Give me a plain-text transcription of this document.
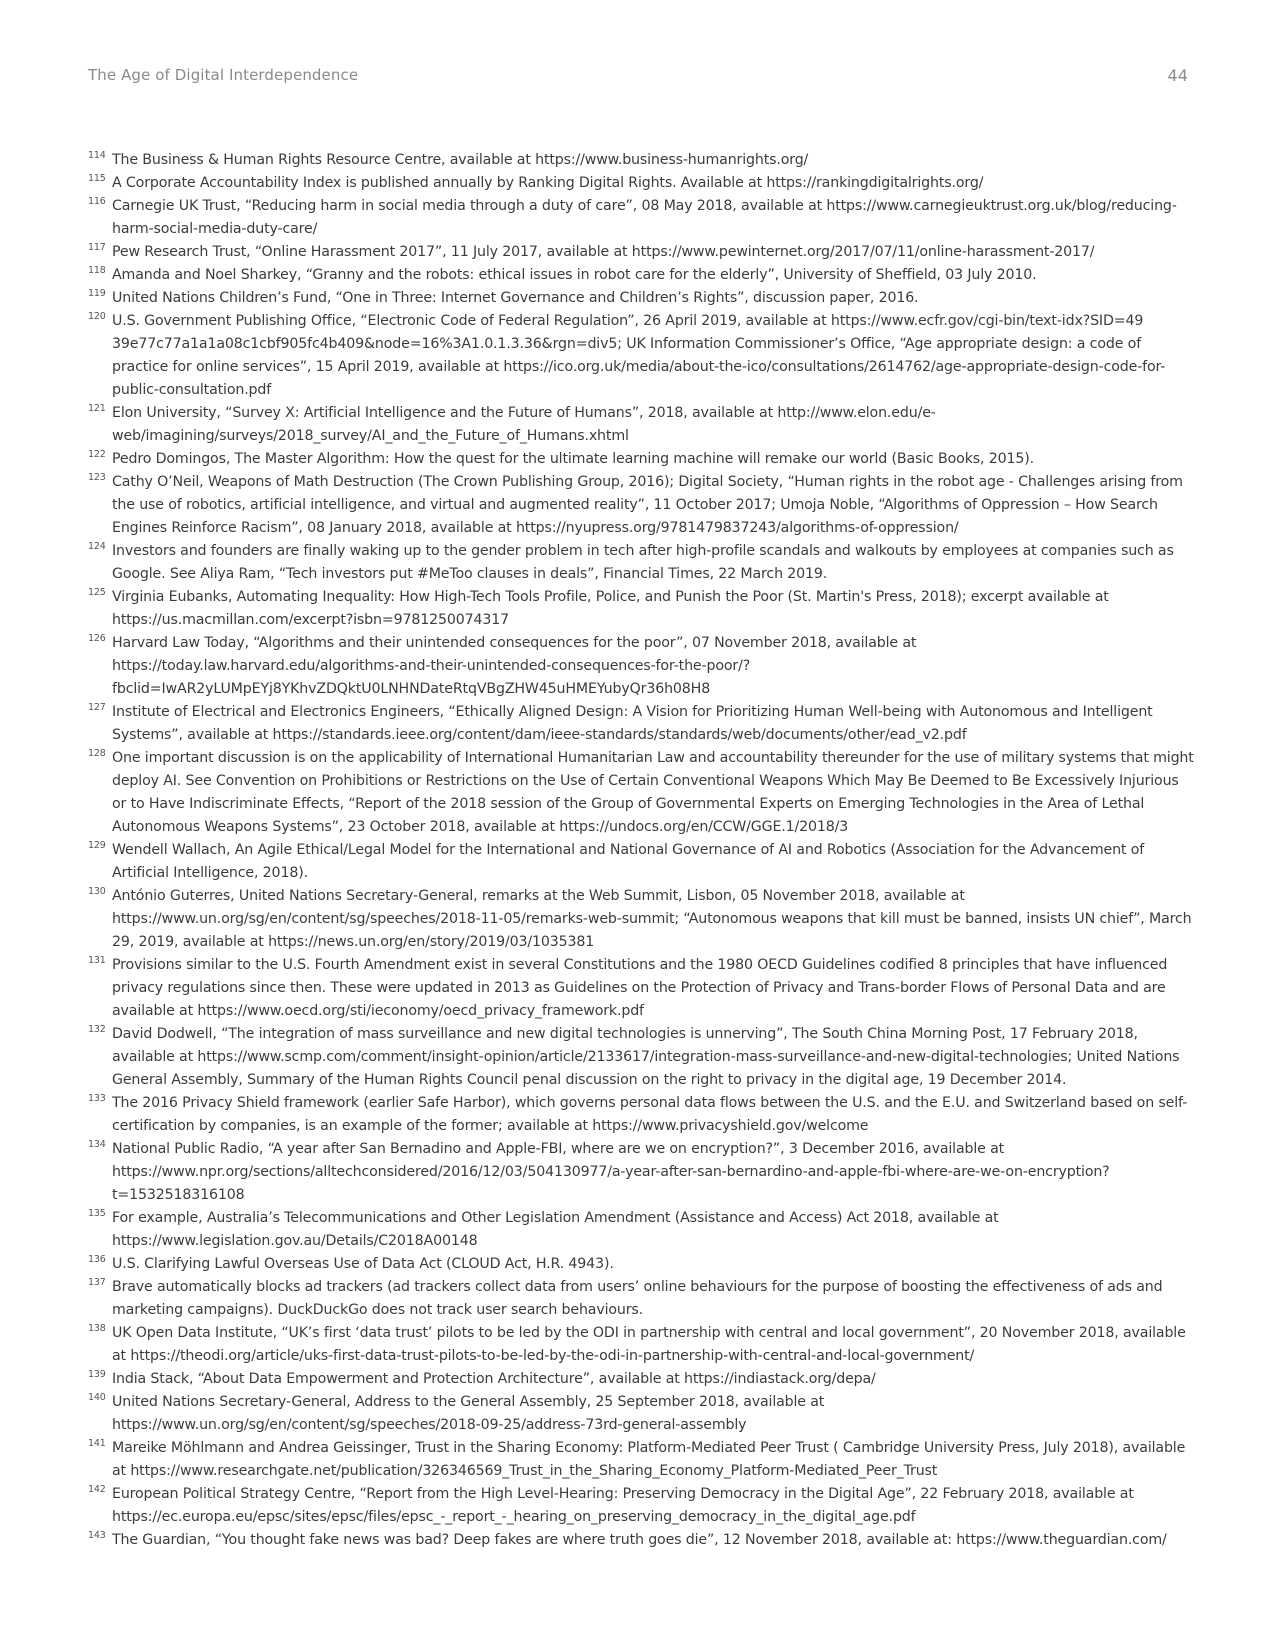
The Age of Digital Interdependence	44
114 The Business & Human Rights Resource Centre, available at https://www.business-humanrights.org/
115 A Corporate Accountability Index is published annually by Ranking Digital Rights. Available at https://rankingdigitalrights.org/
116 Carnegie UK Trust, “Reducing harm in social media through a duty of care”, 08 May 2018, available at https://www.carnegieuktrust.org.uk/blog/reducing-harm-social-media-duty-care/
117 Pew Research Trust, “Online Harassment 2017”, 11 July 2017, available at https://www.pewinternet.org/2017/07/11/online-harassment-2017/
118 Amanda and Noel Sharkey, “Granny and the robots: ethical issues in robot care for the elderly”, University of Sheffield, 03 July 2010.
119 United Nations Children’s Fund, “One in Three: Internet Governance and Children’s Rights”, discussion paper, 2016.
120 U.S. Government Publishing Office, “Electronic Code of Federal Regulation”, 26 April 2019, available at https://www.ecfr.gov/cgi-bin/text-idx?SID=49 39e77c77a1a1a08c1cbf905fc4b409&node=16%3A1.0.1.3.36&rgn=div5; UK Information Commissioner’s Office, “Age appropriate design: a code of practice for online services”, 15 April 2019, available at https://ico.org.uk/media/about-the-ico/consultations/2614762/age-appropriate-design-code-for-public-consultation.pdf
121 Elon University, “Survey X: Artificial Intelligence and the Future of Humans”, 2018, available at http://www.elon.edu/e-web/imagining/surveys/2018_survey/AI_and_the_Future_of_Humans.xhtml
122 Pedro Domingos, The Master Algorithm: How the quest for the ultimate learning machine will remake our world (Basic Books, 2015).
123 Cathy O’Neil, Weapons of Math Destruction (The Crown Publishing Group, 2016); Digital Society, “Human rights in the robot age - Challenges arising from the use of robotics, artificial intelligence, and virtual and augmented reality”, 11 October 2017; Umoja Noble, “Algorithms of Oppression – How Search Engines Reinforce Racism”, 08 January 2018, available at https://nyupress.org/9781479837243/algorithms-of-oppression/
124 Investors and founders are finally waking up to the gender problem in tech after high-profile scandals and walkouts by employees at companies such as Google. See Aliya Ram, “Tech investors put #MeToo clauses in deals”, Financial Times, 22 March 2019.
125 Virginia Eubanks, Automating Inequality: How High-Tech Tools Profile, Police, and Punish the Poor (St. Martin's Press, 2018); excerpt available at https://us.macmillan.com/excerpt?isbn=9781250074317
126 Harvard Law Today, “Algorithms and their unintended consequences for the poor”, 07 November 2018, available at https://today.law.harvard.edu/algorithms-and-their-unintended-consequences-for-the-poor/? fbclid=IwAR2yLUMpEYj8YKhvZDQktU0LNHNDateRtqVBgZHW45uHMEYubyQr36h08H8
127 Institute of Electrical and Electronics Engineers, “Ethically Aligned Design: A Vision for Prioritizing Human Well-being with Autonomous and Intelligent Systems”, available at https://standards.ieee.org/content/dam/ieee-standards/standards/web/documents/other/ead_v2.pdf
128 One important discussion is on the applicability of International Humanitarian Law and accountability thereunder for the use of military systems that might deploy AI. See Convention on Prohibitions or Restrictions on the Use of Certain Conventional Weapons Which May Be Deemed to Be Excessively Injurious or to Have Indiscriminate Effects, “Report of the 2018 session of the Group of Governmental Experts on Emerging Technologies in the Area of Lethal Autonomous Weapons Systems”, 23 October 2018, available at https://undocs.org/en/CCW/GGE.1/2018/3
129 Wendell Wallach, An Agile Ethical/Legal Model for the International and National Governance of AI and Robotics (Association for the Advancement of Artificial Intelligence, 2018).
130 António Guterres, United Nations Secretary-General, remarks at the Web Summit, Lisbon, 05 November 2018, available at https://www.un.org/sg/en/content/sg/speeches/2018-11-05/remarks-web-summit; “Autonomous weapons that kill must be banned, insists UN chief”, March 29, 2019, available at https://news.un.org/en/story/2019/03/1035381
131 Provisions similar to the U.S. Fourth Amendment exist in several Constitutions and the 1980 OECD Guidelines codified 8 principles that have influenced privacy regulations since then. These were updated in 2013 as Guidelines on the Protection of Privacy and Trans-border Flows of Personal Data and are available at https://www.oecd.org/sti/ieconomy/oecd_privacy_framework.pdf
132 David Dodwell, “The integration of mass surveillance and new digital technologies is unnerving”, The South China Morning Post, 17 February 2018, available at https://www.scmp.com/comment/insight-opinion/article/2133617/integration-mass-surveillance-and-new-digital-technologies; United Nations General Assembly, Summary of the Human Rights Council penal discussion on the right to privacy in the digital age, 19 December 2014.
133 The 2016 Privacy Shield framework (earlier Safe Harbor), which governs personal data flows between the U.S. and the E.U. and Switzerland based on self-certification by companies, is an example of the former; available at https://www.privacyshield.gov/welcome
134 National Public Radio, “A year after San Bernadino and Apple-FBI, where are we on encryption?”, 3 December 2016, available at https://www.npr.org/sections/alltechconsidered/2016/12/03/504130977/a-year-after-san-bernardino-and-apple-fbi-where-are-we-on-encryption?t=1532518316108
135 For example, Australia’s Telecommunications and Other Legislation Amendment (Assistance and Access) Act 2018, available at https://www.legislation.gov.au/Details/C2018A00148
136 U.S. Clarifying Lawful Overseas Use of Data Act (CLOUD Act, H.R. 4943).
137 Brave automatically blocks ad trackers (ad trackers collect data from users’ online behaviours for the purpose of boosting the effectiveness of ads and marketing campaigns). DuckDuckGo does not track user search behaviours.
138 UK Open Data Institute, “UK’s first ‘data trust’ pilots to be led by the ODI in partnership with central and local government”, 20 November 2018, available at https://theodi.org/article/uks-first-data-trust-pilots-to-be-led-by-the-odi-in-partnership-with-central-and-local-government/
139 India Stack, “About Data Empowerment and Protection Architecture”, available at https://indiastack.org/depa/
140 United Nations Secretary-General, Address to the General Assembly, 25 September 2018, available at https://www.un.org/sg/en/content/sg/speeches/2018-09-25/address-73rd-general-assembly
141 Mareike Möhlmann and Andrea Geissinger, Trust in the Sharing Economy: Platform-Mediated Peer Trust ( Cambridge University Press, July 2018), available at https://www.researchgate.net/publication/326346569_Trust_in_the_Sharing_Economy_Platform-Mediated_Peer_Trust
142 European Political Strategy Centre, “Report from the High Level-Hearing: Preserving Democracy in the Digital Age”, 22 February 2018, available at https://ec.europa.eu/epsc/sites/epsc/files/epsc_-_report_-_hearing_on_preserving_democracy_in_the_digital_age.pdf
143 The Guardian, “You thought fake news was bad? Deep fakes are where truth goes die”, 12 November 2018, available at: https://www.theguardian.com/
